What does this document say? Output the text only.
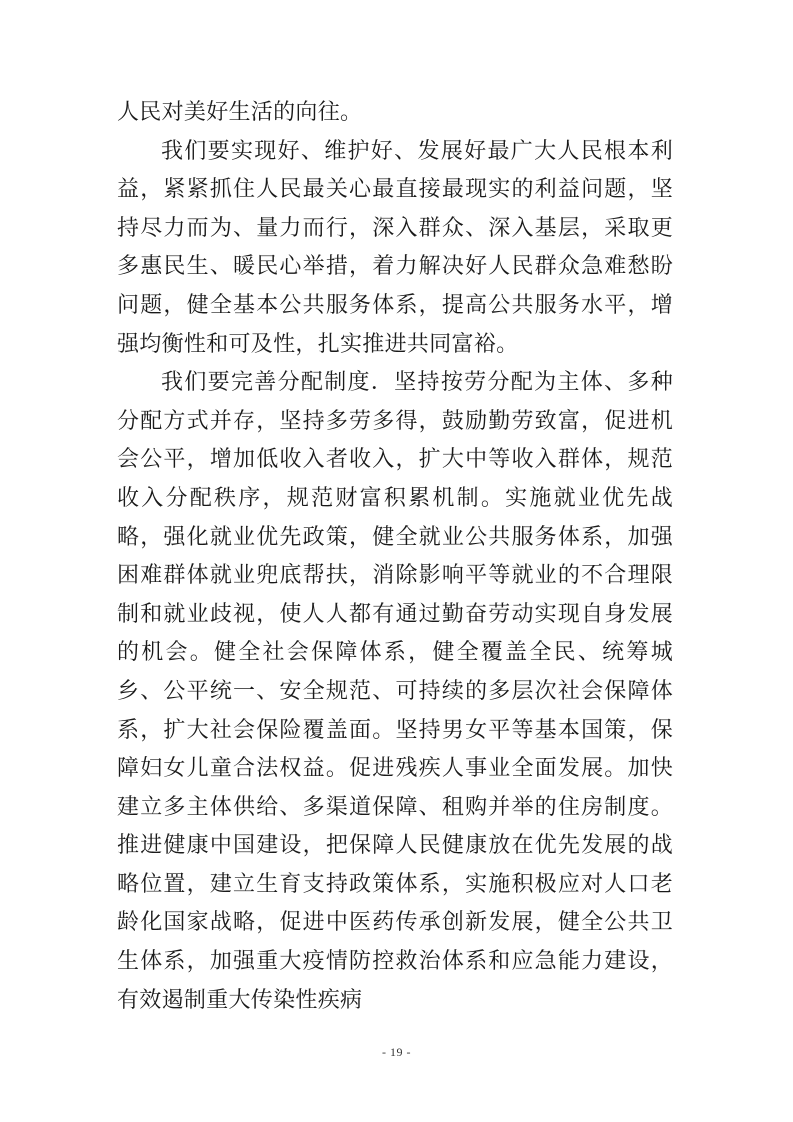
人民对美好生活的向往。

我们要实现好、维护好、发展好最广大人民根本利益，紧紧抓住人民最关心最直接最现实的利益问题，坚持尽力而为、量力而行，深入群众、深入基层，采取更多惠民生、暖民心举措，着力解决好人民群众急难愁盼问题，健全基本公共服务体系，提高公共服务水平，增强均衡性和可及性，扎实推进共同富裕。

我们要完善分配制度．坚持按劳分配为主体、多种分配方式并存，坚持多劳多得，鼓励勤劳致富，促进机会公平，增加低收入者收入，扩大中等收入群体，规范收入分配秩序，规范财富积累机制。实施就业优先战略，强化就业优先政策，健全就业公共服务体系，加强困难群体就业兜底帮扶，消除影响平等就业的不合理限制和就业歧视，使人人都有通过勤奋劳动实现自身发展的机会。健全社会保障体系，健全覆盖全民、统筹城乡、公平统一、安全规范、可持续的多层次社会保障体系，扩大社会保险覆盖面。坚持男女平等基本国策，保障妇女儿童合法权益。促进残疾人事业全面发展。加快建立多主体供给、多渠道保障、租购并举的住房制度。推进健康中国建设，把保障人民健康放在优先发展的战略位置，建立生育支持政策体系，实施积极应对人口老龄化国家战略，促进中医药传承创新发展，健全公共卫生体系，加强重大疫情防控救治体系和应急能力建设，有效遏制重大传染性疾病

- 19 -
